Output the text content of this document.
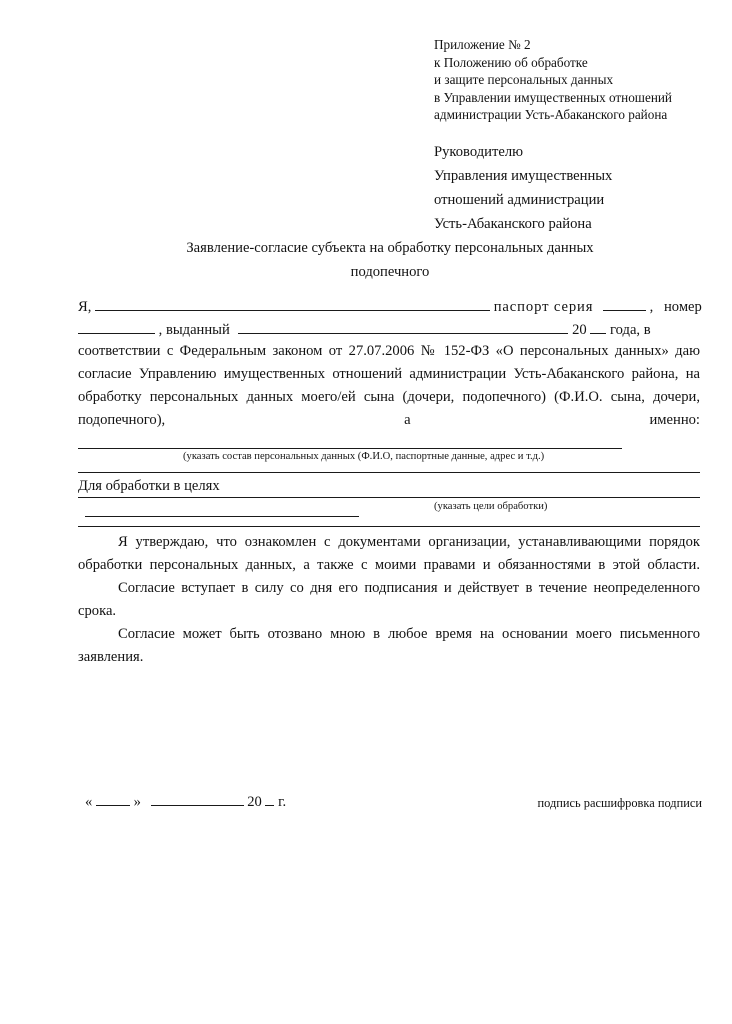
Приложение № 2
к Положению об обработке
и защите персональных данных
в Управлении имущественных отношений
администрации Усть-Абаканского района
Руководителю
Управления имущественных
отношений администрации
Усть-Абаканского района
Заявление-согласие субъекта на обработку персональных данных
подопечного
Я,	паспорт серия	, номер
, выданный	20 года, в

соответствии с Федеральным законом от 27.07.2006 № 152-ФЗ «О персональных данных» даю согласие Управлению имущественных отношений администрации Усть-Абаканского района, на обработку персональных данных моего/ей сына (дочери, подопечного) (Ф.И.О. сына, дочери, подопечного), а именно:

(указать состав персональных данных (Ф.И.О, паспортные данные, адрес и т.д.)
Для обработки в целях
(указать цели обработки)

Я утверждаю, что ознакомлен с документами организации, устанавливающими порядок обработки персональных данных, а также с моими правами и обязанностями в этой области.

Согласие вступает в силу со дня его подписания и действует в течение неопределенного срока.

Согласие может быть отозвано мною в любое время на основании моего письменного заявления.

«	»	20 г.	подпись расшифровка подписи
